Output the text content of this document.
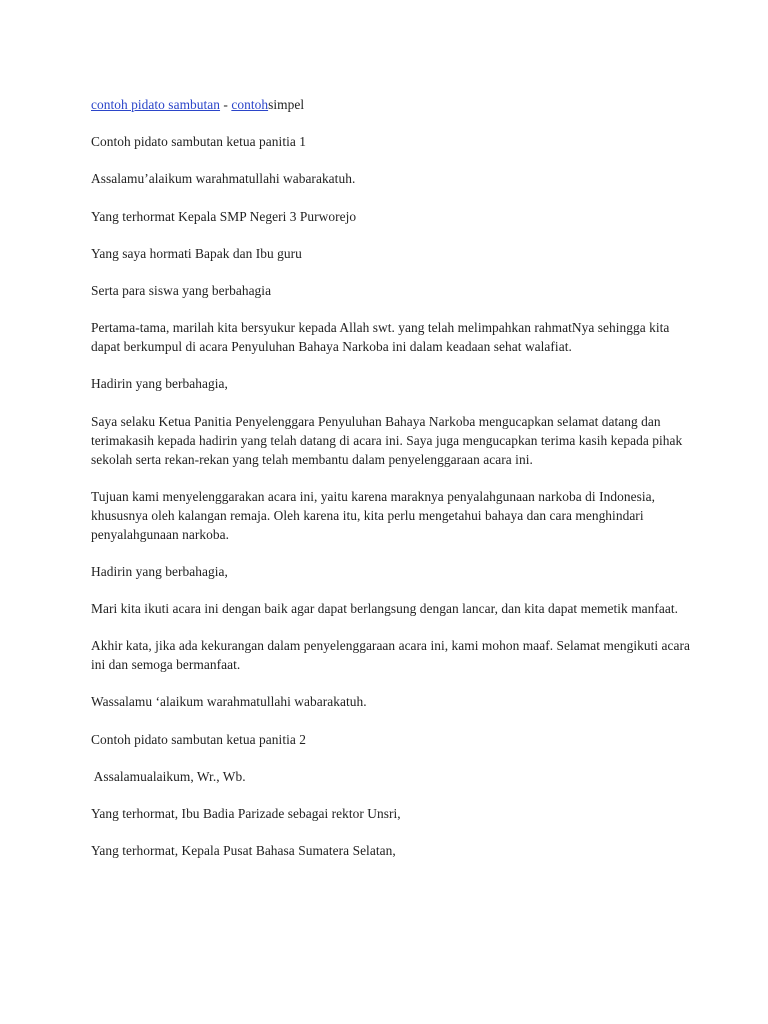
contoh pidato sambutan - contohsimpel

Contoh pidato sambutan ketua panitia 1

Assalamu’alaikum warahmatullahi wabarakatuh.

Yang terhormat Kepala SMP Negeri 3 Purworejo

Yang saya hormati Bapak dan Ibu guru

Serta para siswa yang berbahagia

Pertama-tama, marilah kita bersyukur kepada Allah swt. yang telah melimpahkan rahmatNya sehingga kita dapat berkumpul di acara Penyuluhan Bahaya Narkoba ini dalam keadaan sehat walafiat.

Hadirin yang berbahagia,

Saya selaku Ketua Panitia Penyelenggara Penyuluhan Bahaya Narkoba mengucapkan selamat datang dan terimakasih kepada hadirin yang telah datang di acara ini. Saya juga mengucapkan terima kasih kepada pihak sekolah serta rekan-rekan yang telah membantu dalam penyelenggaraan acara ini.

Tujuan kami menyelenggarakan acara ini, yaitu karena maraknya penyalahgunaan narkoba di Indonesia, khususnya oleh kalangan remaja. Oleh karena itu, kita perlu mengetahui bahaya dan cara menghindari penyalahgunaan narkoba.

Hadirin yang berbahagia,

Mari kita ikuti acara ini dengan baik agar dapat berlangsung dengan lancar, dan kita dapat memetik manfaat.

Akhir kata, jika ada kekurangan dalam penyelenggaraan acara ini, kami mohon maaf. Selamat mengikuti acara ini dan semoga bermanfaat.

Wassalamu ‘alaikum warahmatullahi wabarakatuh.

Contoh pidato sambutan ketua panitia 2

Assalamualaikum, Wr., Wb.

Yang terhormat, Ibu Badia Parizade sebagai rektor Unsri,

Yang terhormat, Kepala Pusat Bahasa Sumatera Selatan,
